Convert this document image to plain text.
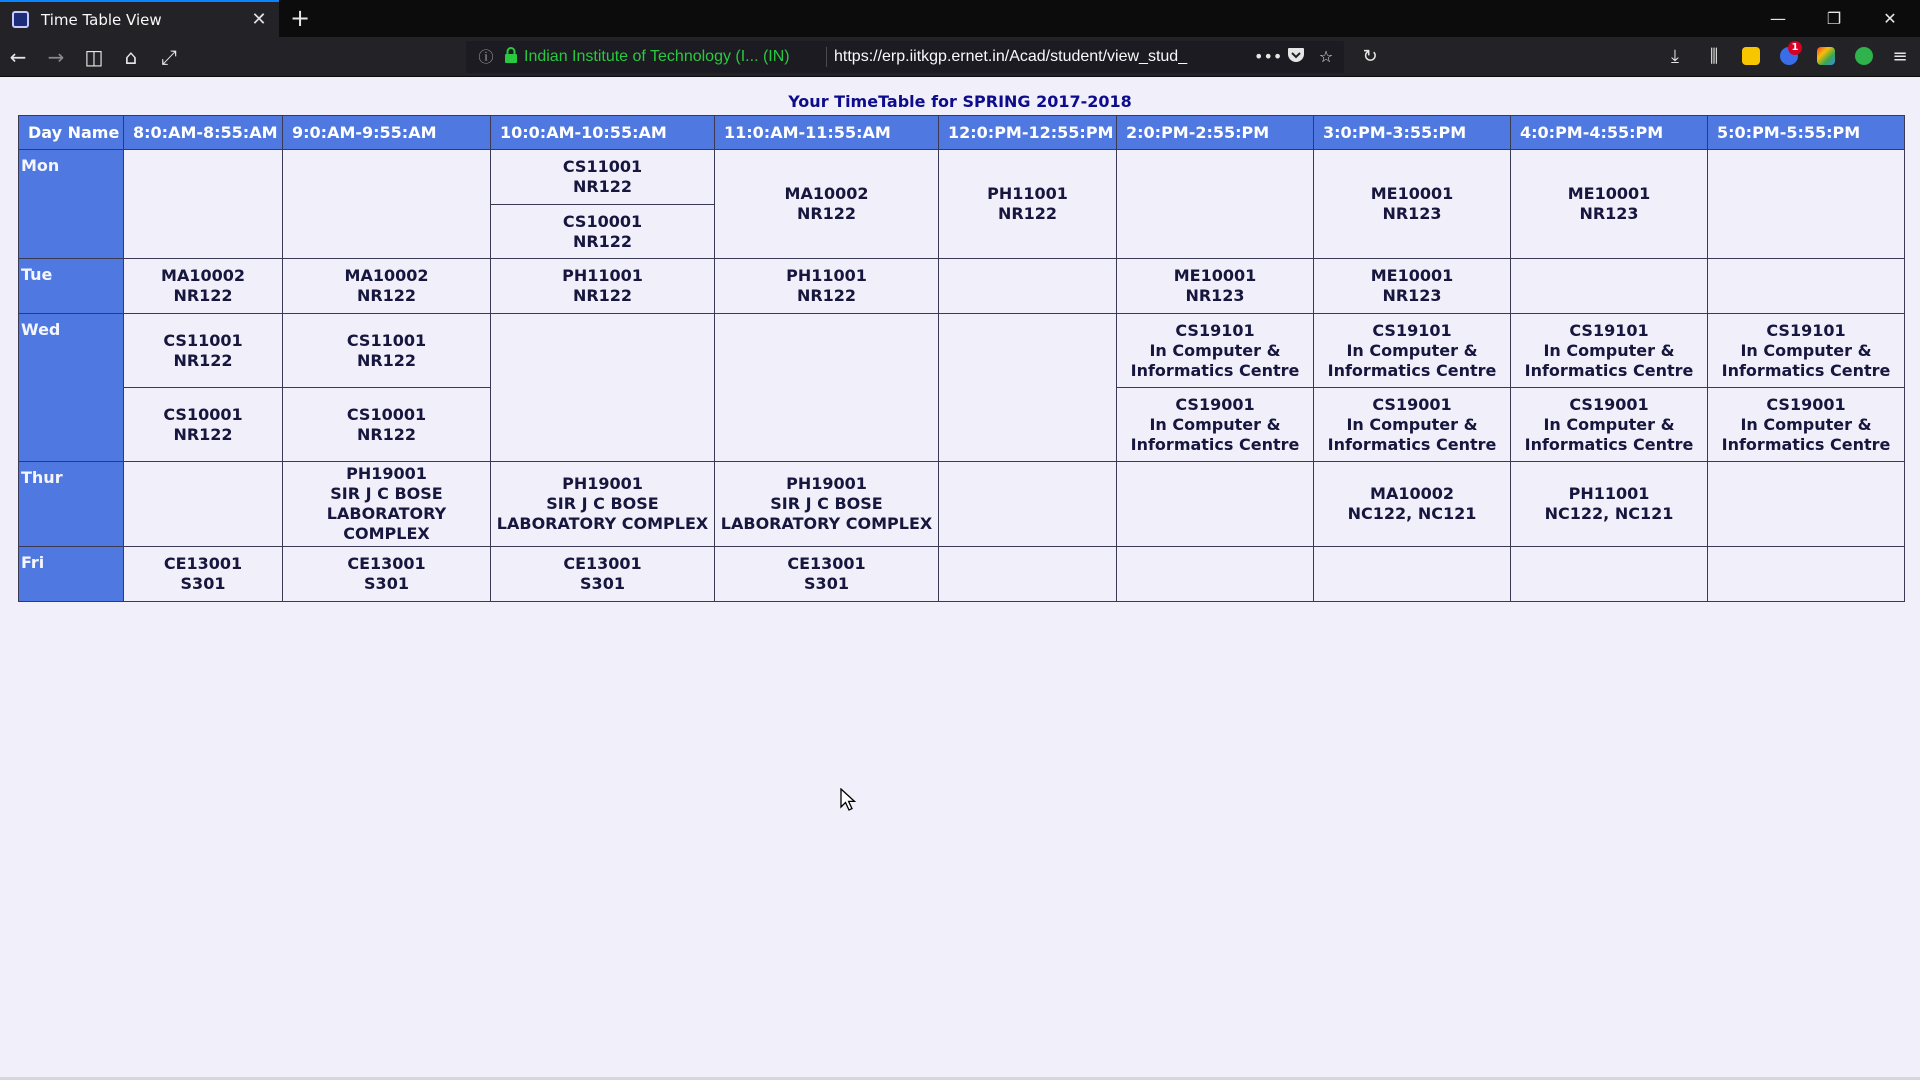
Time Table View	✕ +	—	❐	✕
← → ◫	⌂	⤢	ⓘ Indian Institute of Technology (I... (IN)	https://erp.iitkgp.ernet.in/Acad/student/view_stud_	•••	☆	↻	⤓	⫼	1	≡
Your TimeTable for SPRING 2017-2018
Day Name	8:0:AM-8:55:AM	9:0:AM-9:55:AM	10:0:AM-10:55:AM	11:0:AM-11:55:AM	12:0:PM-12:55:PM	2:0:PM-2:55:PM	3:0:PM-3:55:PM	4:0:PM-4:55:PM	5:0:PM-5:55:PM
Mon			CS11001
NR122	MA10002
NR122	PH11001
NR122		ME10001
NR123	ME10001
NR123	

			CS10001
NR122						

Tue	MA10002
NR122	MA10002
NR122	PH11001
NR122	PH11001
NR122		ME10001
NR123	ME10001
NR123		

Wed	CS11001
NR122	CS11001
NR122				CS19101
In Computer &
Informatics Centre	CS19101
In Computer &
Informatics Centre	CS19101
In Computer &
Informatics Centre	CS19101
In Computer &
Informatics Centre

	CS10001
NR122	CS10001
NR122				CS19001
In Computer &
Informatics Centre	CS19001
In Computer &
Informatics Centre	CS19001
In Computer &
Informatics Centre	CS19001
In Computer &
Informatics Centre

Thur		PH19001
SIR J C BOSE
LABORATORY COMPLEX	PH19001
SIR J C BOSE
LABORATORY COMPLEX	PH19001
SIR J C BOSE
LABORATORY COMPLEX			MA10002
NC122, NC121	PH11001
NC122, NC121	

Fri	CE13001
S301	CE13001
S301	CE13001
S301	CE13001
S301					
